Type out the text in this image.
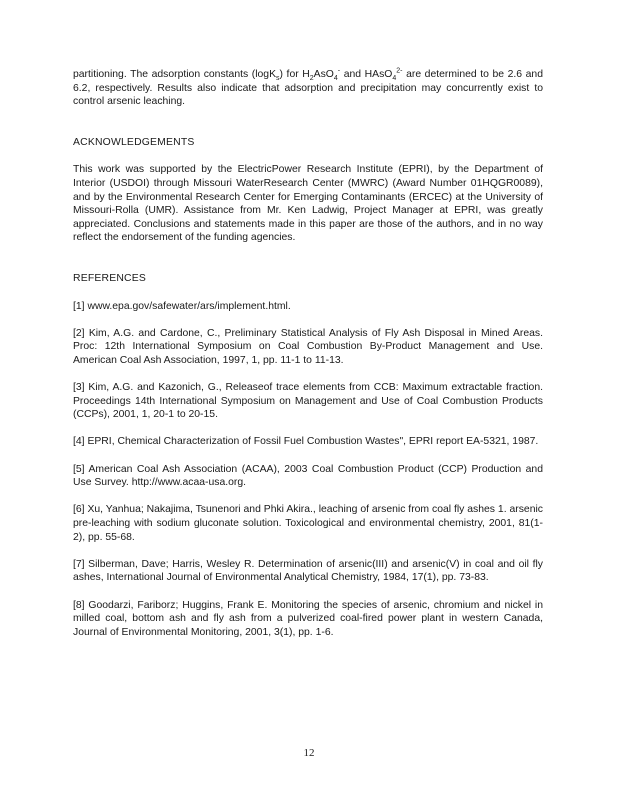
partitioning. The adsorption constants (logK$_s$) for $H_2AsO_4^-$ and HAsO$_4^{2-}$ are determined to be 2.6 and 6.2, respectively. Results also indicate that adsorption and precipitation may concurrently exist to control arsenic leaching.

ACKNOWLEDGEMENTS

This work was supported by the ElectricPower Research Institute (EPRI), by the Department of Interior (USDOI) through Missouri WaterResearch Center (MWRC) (Award Number 01HQGR0089), and by the Environmental Research Center for Emerging Contaminants (ERCEC) at the University of Missouri-Rolla (UMR). Assistance from Mr. Ken Ladwig, Project Manager at EPRI, was greatly appreciated. Conclusions and statements made in this paper are those of the authors, and in no way reflect the endorsement of the funding agencies.

REFERENCES

[1] www.epa.gov/safewater/ars/implement.html.

[2] Kim, A.G. and Cardone, C., Preliminary Statistical Analysis of Fly Ash Disposal in Mined Areas. Proc: 12th International Symposium on Coal Combustion By-Product Management and Use. American Coal Ash Association, 1997, 1, pp. 11-1 to 11-13.

[3] Kim, A.G. and Kazonich, G., Releaseof trace elements from CCB: Maximum extractable fraction. Proceedings 14th International Symposium on Management and Use of Coal Combustion Products (CCPs), 2001, 1, 20-1 to 20-15.

[4] EPRI, Chemical Characterization of Fossil Fuel Combustion Wastes", EPRI report EA-5321, 1987.

[5] American Coal Ash Association (ACAA), 2003 Coal Combustion Product (CCP) Production and Use Survey. http://www.acaa-usa.org.

[6] Xu, Yanhua; Nakajima, Tsunenori and Phki Akira., leaching of arsenic from coal fly ashes 1. arsenic pre-leaching with sodium gluconate solution. Toxicological and environmental chemistry, 2001, 81(1-2), pp. 55-68.

[7] Silberman, Dave; Harris, Wesley R. Determination of arsenic(III) and arsenic(V) in coal and oil fly ashes, International Journal of Environmental Analytical Chemistry, 1984, 17(1), pp. 73-83.

[8] Goodarzi, Fariborz; Huggins, Frank E. Monitoring the species of arsenic, chromium and nickel in milled coal, bottom ash and fly ash from a pulverized coal-fired power plant in western Canada, Journal of Environmental Monitoring, 2001, 3(1), pp. 1-6.

12
